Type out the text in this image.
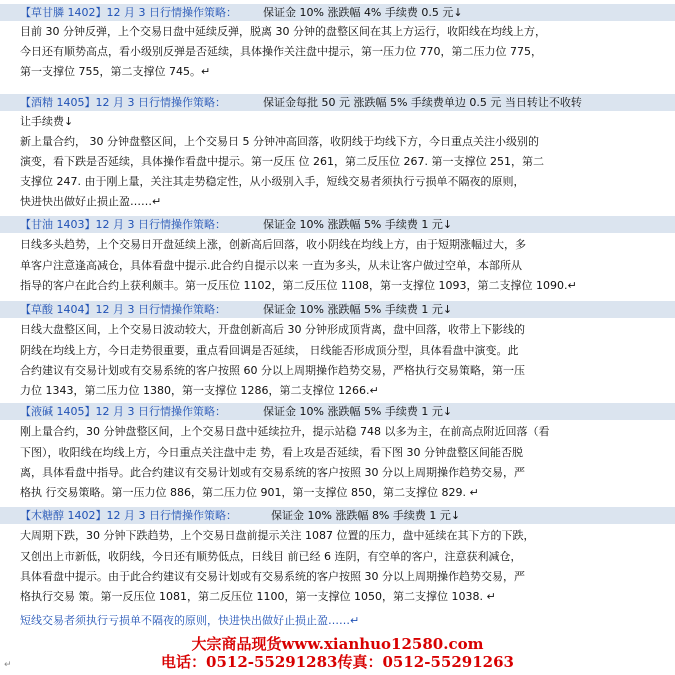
【草甘膦 1402】12 月 3 日行情操作策略： 保证金 10% 涨跌幅 4% 手续费 0.5 元↓
目前 30 分钟反弹，上个交易日盘中延续反弹，脱离 30 分钟的盘整区间在其上方运行，收阳线在均线上方，
今日还有顺势高点，看小级别反弹是否延续，具体操作关注盘中提示，第一压力位 770，第二压力位 775，
第一支撑位 755，第二支撑位 745。↵
【酒精 1405】12 月 3 日行情操作策略：	保证金每批 50 元 涨跌幅 5% 手续费单边 0.5 元 当日转让不收转
让手续费↓
新上量合约， 30 分钟盘整区间，上个交易日 5 分钟冲高回落，收阴线于均线下方，今日重点关注小级别的
演变，看下跌是否延续，具体操作看盘中提示。第一反压 位 261，第二反压位 267. 第一支撑位 251，第二
支撑位 247. 由于刚上量，关注其走势稳定性，从小级别入手，短线交易者须执行亏损单不隔夜的原则，
快进快出做好止损止盈……↵
【甘油 1403】12 月 3 日行情操作策略：	保证金 10% 涨跌幅 5% 手续费 1 元↓
日线多头趋势，上个交易日开盘延续上涨，创新高后回落，收小阴线在均线上方，由于短期涨幅过大，多
单客户注意逢高减仓，具体看盘中提示.此合约自提示以来 一直为多头，从未让客户做过空单，本部所从
指导的客户在此合约上获利颇丰。第一反压位 1102，第二反压位 1108，第一支撑位 1093，第二支撑位 1090.↵
【草酸 1404】12 月 3 日行情操作策略：	保证金 10% 涨跌幅 5% 手续费 1 元↓
日线大盘整区间，上个交易日波动较大，开盘创新高后 30 分钟形成顶背离，盘中回落，收带上下影线的
阴线在均线上方，今日走势很重要，重点看回调是否延续， 日线能否形成顶分型，具体看盘中演变。此
合约建议有交易计划或有交易系统的客户按照 60 分以上周期操作趋势交易，严格执行交易策略，第一压
力位 1343，第二压力位 1380，第一支撑位 1286，第二支撑位 1266.↵
【液碱 1405】12 月 3 日行情操作策略：	保证金 10% 涨跌幅 5% 手续费 1 元↓
刚上量合约，30 分钟盘整区间，上个交易日盘中延续拉升，提示站稳 748 以多为主，在前高点附近回落（看
下图），收阳线在均线上方，今日重点关注盘中走 势，看上攻是否延续，看下图 30 分钟盘整区间能否脱
离，具体看盘中指导。此合约建议有交易计划或有交易系统的客户按照 30 分以上周期操作趋势交易，严
格执 行交易策略。第一压力位 886，第二压力位 901，第一支撑位 850，第二支撑位 829. ↵
【木糖醇 1402】12 月 3 日行情操作策略：	保证金 10% 涨跌幅 8% 手续费 1 元↓
大周期下跌，30 分钟下跌趋势，上个交易日盘前提示关注 1087 位置的压力，盘中延续在其下方的下跌，
又创出上市新低，收阴线，今日还有顺势低点，日线目 前已经 6 连阴，有空单的客户，注意获利减仓，
具体看盘中提示。由于此合约建议有交易计划或有交易系统的客户按照 30 分以上周期操作趋势交易，严
格执行交易 策。第一反压位 1081，第二反压位 1100，第一支撑位 1050，第二支撑位 1038. ↵
短线交易者须执行亏损单不隔夜的原则，快进快出做好止损止盈……↵
大宗商品现货www.xianhuo12580.com
电话：0512-55291283传真：0512-55291263
↵
